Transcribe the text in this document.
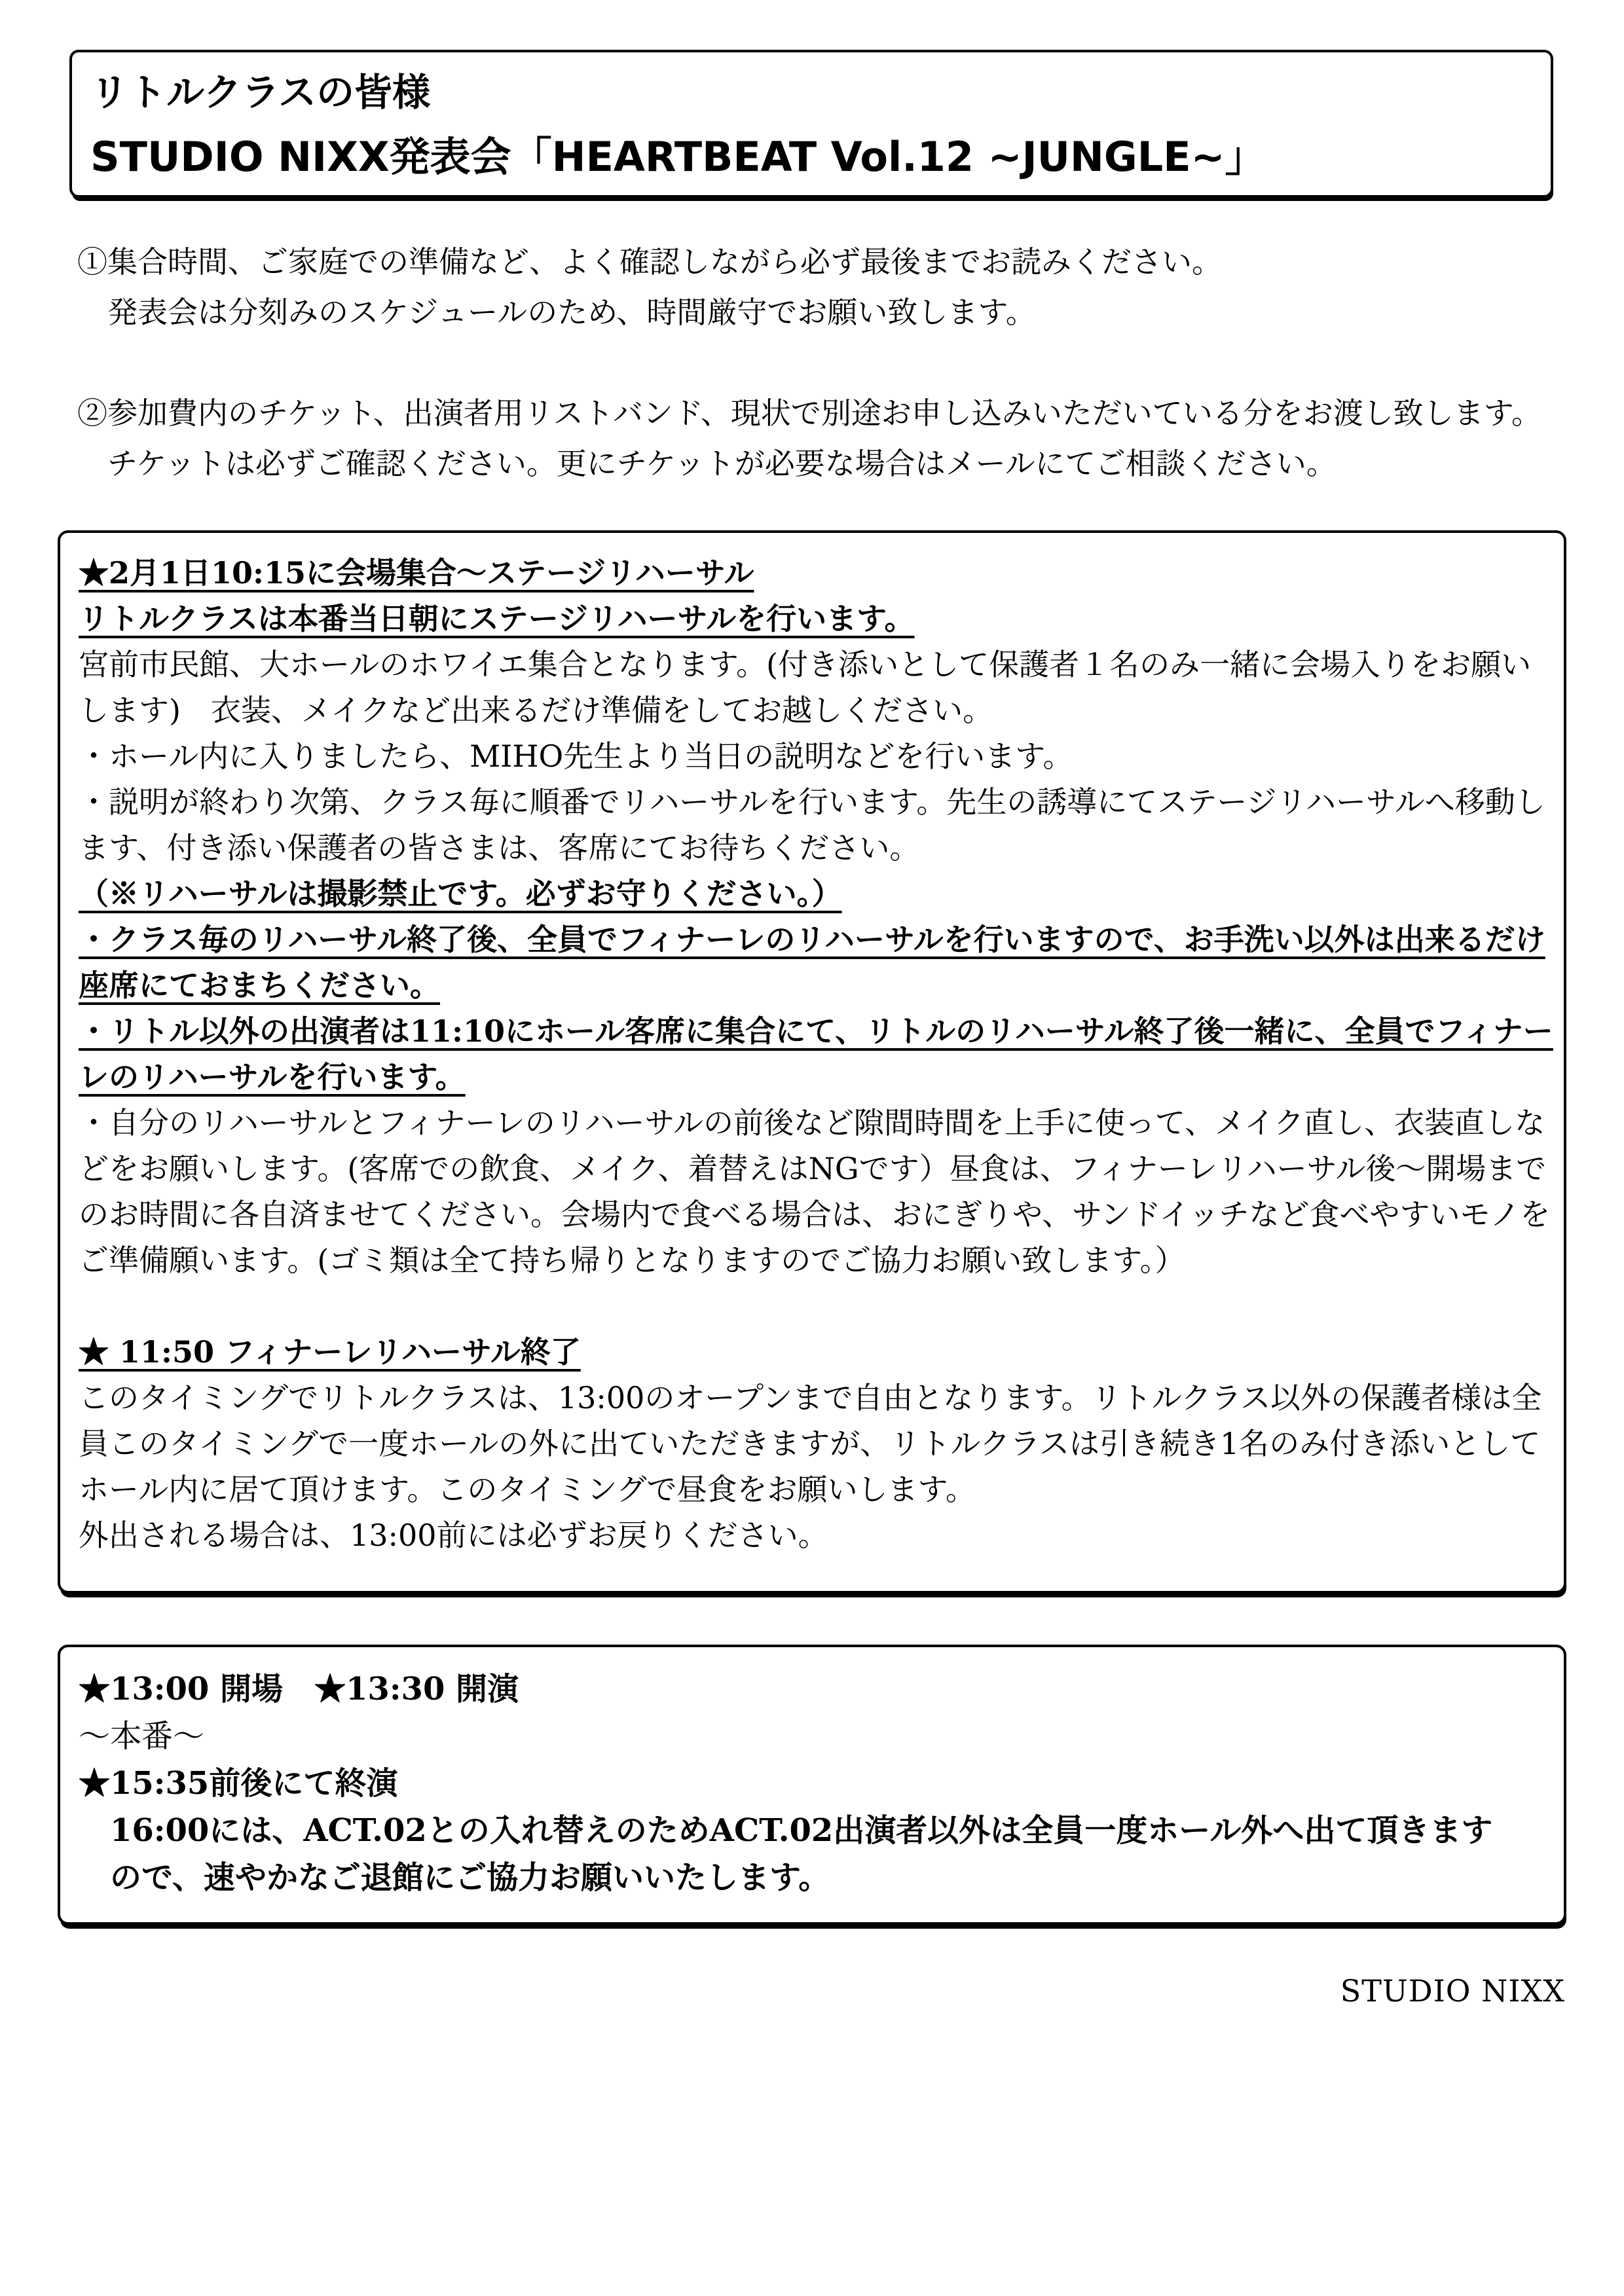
リトルクラスの皆様
STUDIO NIXX発表会「HEARTBEAT Vol.12 ~JUNGLE~」
①集合時間、ご家庭での準備など、よく確認しながら必ず最後までお読みください。
発表会は分刻みのスケジュールのため、時間厳守でお願い致します。
②参加費内のチケット、出演者用リストバンド、現状で別途お申し込みいただいている分をお渡し致します。
チケットは必ずご確認ください。更にチケットが必要な場合はメールにてご相談ください。
★2月1日10:15に会場集合〜ステージリハーサル
リトルクラスは本番当日朝にステージリハーサルを行います。
宮前市民館、大ホールのホワイエ集合となります。(付き添いとして保護者１名のみ一緒に会場入りをお願い
します)　衣装、メイクなど出来るだけ準備をしてお越しください。
・ホール内に入りましたら、MIHO先生より当日の説明などを行います。
・説明が終わり次第、クラス毎に順番でリハーサルを行います。先生の誘導にてステージリハーサルへ移動し
ます、付き添い保護者の皆さまは、客席にてお待ちください。
（※リハーサルは撮影禁止です。必ずお守りください。）
・クラス毎のリハーサル終了後、全員でフィナーレのリハーサルを行いますので、お手洗い以外は出来るだけ
座席にておまちください。
・リトル以外の出演者は11:10にホール客席に集合にて、リトルのリハーサル終了後一緒に、全員でフィナー
レのリハーサルを行います。
・自分のリハーサルとフィナーレのリハーサルの前後など隙間時間を上手に使って、メイク直し、衣装直しな
どをお願いします。(客席での飲食、メイク、着替えはNGです）昼食は、フィナーレリハーサル後〜開場まで
のお時間に各自済ませてください。会場内で食べる場合は、おにぎりや、サンドイッチなど食べやすいモノを
ご準備願います。(ゴミ類は全て持ち帰りとなりますのでご協力お願い致します。）
★ 11:50 フィナーレリハーサル終了
このタイミングでリトルクラスは、13:00のオープンまで自由となります。リトルクラス以外の保護者様は全
員このタイミングで一度ホールの外に出ていただきますが、リトルクラスは引き続き1名のみ付き添いとして
ホール内に居て頂けます。このタイミングで昼食をお願いします。
外出される場合は、13:00前には必ずお戻りください。
★13:00 開場　★13:30 開演
〜本番〜
★15:35前後にて終演
16:00には、ACT.02との入れ替えのためACT.02出演者以外は全員一度ホール外へ出て頂きます
ので、速やかなご退館にご協力お願いいたします。
STUDIO NIXX
